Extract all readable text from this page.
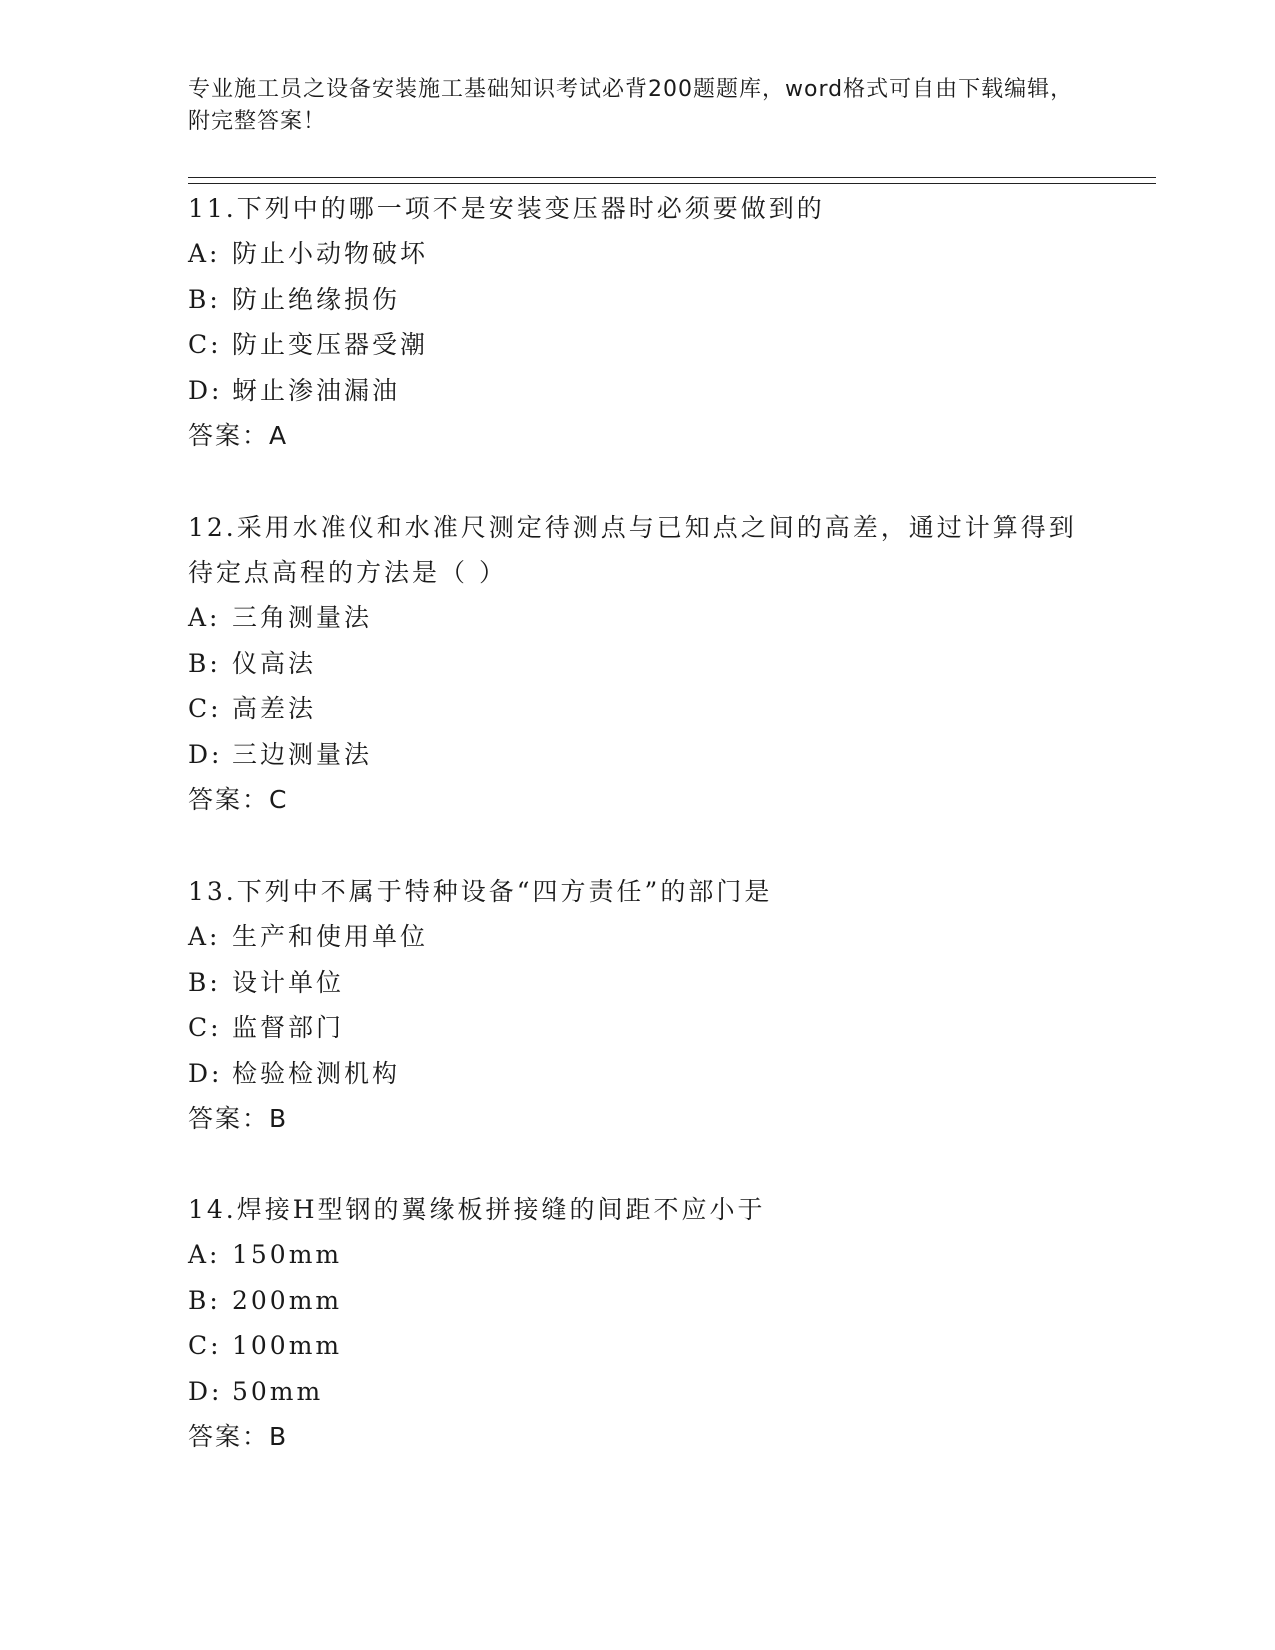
专业施工员之设备安装施工基础知识考试必背200题题库，word格式可自由下载编辑，附完整答案！

11.下列中的哪一项不是安装变压器时必须要做到的

A: 防止小动物破坏
B: 防止绝缘损伤
C: 防止变压器受潮
D: 蚜止渗油漏油
答案：A

12.采用水准仪和水准尺测定待测点与已知点之间的高差，通过计算得到待定点高程的方法是（ ）

A: 三角测量法
B: 仪高法
C: 高差法
D: 三边测量法
答案：C

13.下列中不属于特种设备“四方责任”的部门是

A: 生产和使用单位
B: 设计单位
C: 监督部门
D: 检验检测机构
答案：B

14.焊接H型钢的翼缘板拼接缝的间距不应小于

A: 150mm
B: 200mm
C: 100mm
D: 50mm
答案：B
